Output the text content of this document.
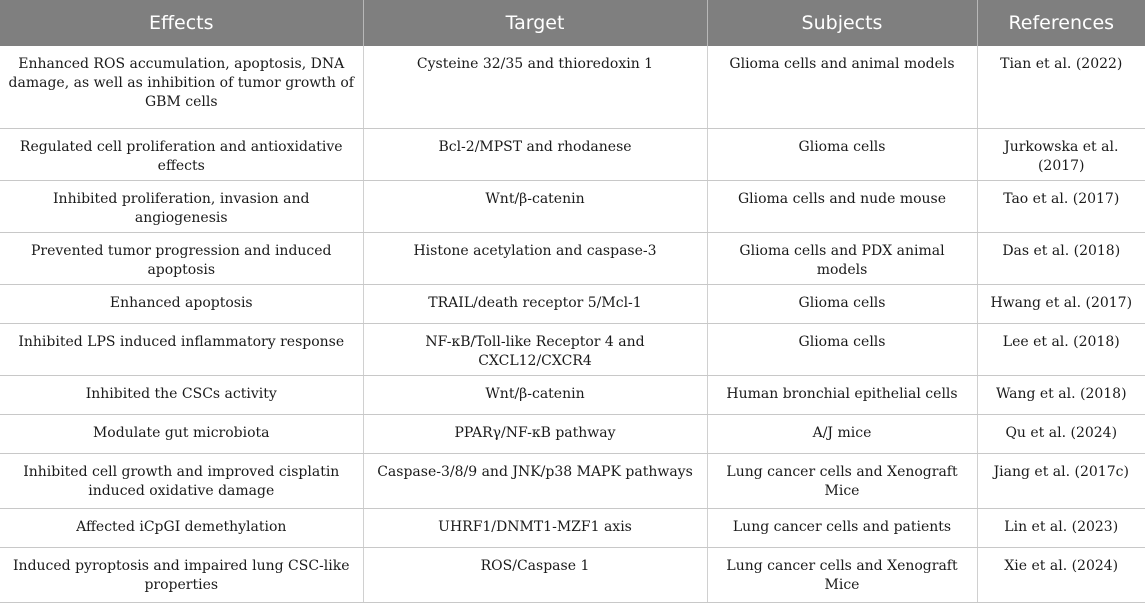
Effects	Target	Subjects	References
Enhanced ROS accumulation, apoptosis, DNA damage, as well as inhibition of tumor growth of GBM cells	Cysteine 32/35 and thioredoxin 1	Glioma cells and animal models	Tian et al. (2022)
Regulated cell proliferation and antioxidative effects	Bcl-2/MPST and rhodanese	Glioma cells	Jurkowska et al. (2017)
Inhibited proliferation, invasion and angiogenesis	Wnt/β-catenin	Glioma cells and nude mouse	Tao et al. (2017)
Prevented tumor progression and induced apoptosis	Histone acetylation and caspase-3	Glioma cells and PDX animal models	Das et al. (2018)
Enhanced apoptosis	TRAIL/death receptor 5/Mcl-1	Glioma cells	Hwang et al. (2017)
Inhibited LPS induced inflammatory response	NF-κB/Toll-like Receptor 4 and CXCL12/CXCR4	Glioma cells	Lee et al. (2018)
Inhibited the CSCs activity	Wnt/β-catenin	Human bronchial epithelial cells	Wang et al. (2018)
Modulate gut microbiota	PPARγ/NF-κB pathway	A/J mice	Qu et al. (2024)
Inhibited cell growth and improved cisplatin induced oxidative damage	Caspase-3/8/9 and JNK/p38 MAPK pathways	Lung cancer cells and Xenograft Mice	Jiang et al. (2017c)
Affected iCpGI demethylation	UHRF1/DNMT1-MZF1 axis	Lung cancer cells and patients	Lin et al. (2023)
Induced pyroptosis and impaired lung CSC-like properties	ROS/Caspase 1	Lung cancer cells and Xenograft Mice	Xie et al. (2024)
